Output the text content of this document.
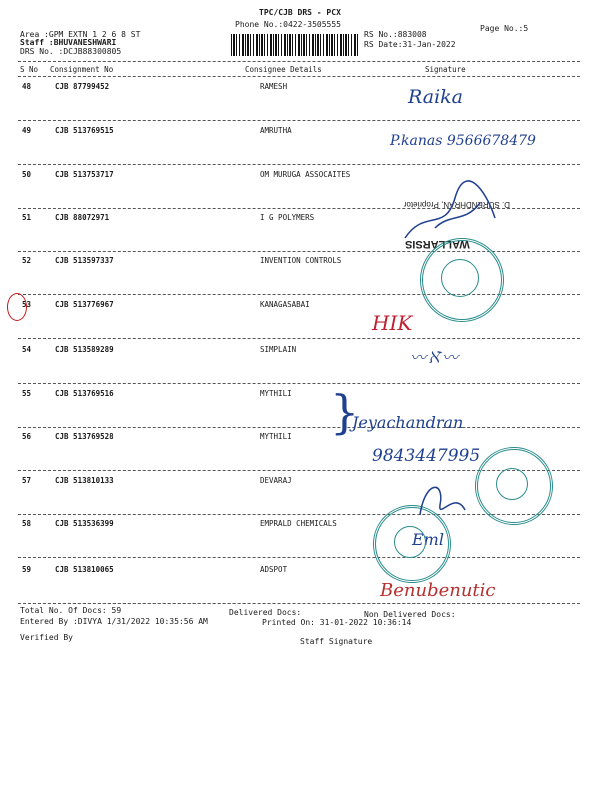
TPC/CJB DRS - PCX
Phone No.:0422-3505555
Area :GPM EXTN 1 2 6 8 ST
Staff :BHUVANESHWARI
DRS No. :DCJB88300805
RS No.:883008
RS Date:31-Jan-2022
Page No.:5
S No Consignment No	Consignee Details	Signature
48	CJB 87799452	RAMESH
49	CJB 513769515	AMRUTHA
50	CJB 513753717	OM MURUGA ASSOCAITES
51	CJB 88072971	I G POLYMERS
52	CJB 513597337	INVENTION CONTROLS
53	CJB 513776967	KANAGASABAI
54	CJB 513589289	SIMPLAIN
55	CJB 513769516	MYTHILI
56	CJB 513769528	MYTHILI
57	CJB 513810133	DEVARAJ
58	CJB 513536399	EMPRALD CHEMICALS
59	CJB 513810065	ADSPOT
Total No. Of Docs: 59	Delivered Docs:	Non Delivered Docs:
Entered By :DIVYA 1/31/2022 10:35:56 AM	Printed On: 31-01-2022 10:36:14
Verified By	Staff Signature
Raika
P.kanas 9566678479
HIK
〰ℵ〰
}
Jeyachandran
9843447995
Eml
Benubenutic
D. SURENDHRAN, Proprietor
WALLARSIS
